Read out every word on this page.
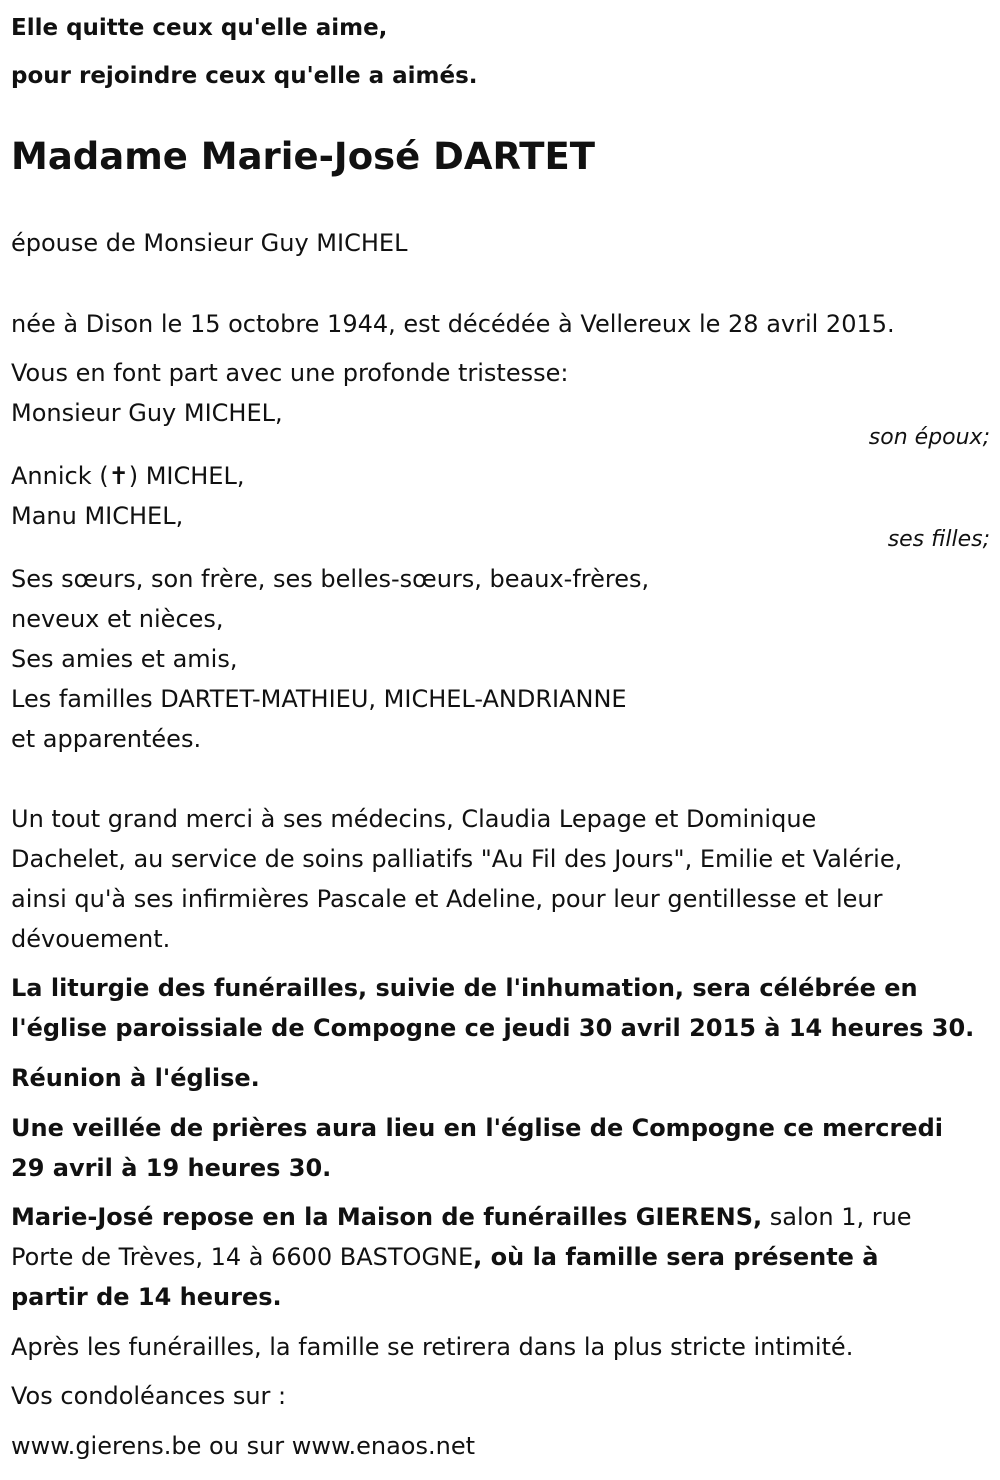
Elle quitte ceux qu'elle aime,
pour rejoindre ceux qu'elle a aimés.
Madame Marie-José DARTET
épouse de Monsieur Guy MICHEL
née à Dison le 15 octobre 1944, est décédée à Vellereux le 28 avril 2015.
Vous en font part avec une profonde tristesse:
Monsieur Guy MICHEL,
son époux;
Annick (✝) MICHEL,
Manu MICHEL,
ses filles;
Ses sœurs, son frère, ses belles-sœurs, beaux-frères,
neveux et nièces,
Ses amies et amis,
Les familles DARTET-MATHIEU, MICHEL-ANDRIANNE
et apparentées.
Un tout grand merci à ses médecins, Claudia Lepage et Dominique
Dachelet, au service de soins palliatifs "Au Fil des Jours", Emilie et Valérie,
ainsi qu'à ses infirmières Pascale et Adeline, pour leur gentillesse et leur
dévouement.
La liturgie des funérailles, suivie de l'inhumation, sera célébrée en
l'église paroissiale de Compogne ce jeudi 30 avril 2015 à 14 heures 30.
Réunion à l'église.
Une veillée de prières aura lieu en l'église de Compogne ce mercredi
29 avril à 19 heures 30.
Marie-José repose en la Maison de funérailles GIERENS, salon 1, rue
Porte de Trèves, 14 à 6600 BASTOGNE, où la famille sera présente à
partir de 14 heures.
Après les funérailles, la famille se retirera dans la plus stricte intimité.
Vos condoléances sur :
www.gierens.be ou sur www.enaos.net
